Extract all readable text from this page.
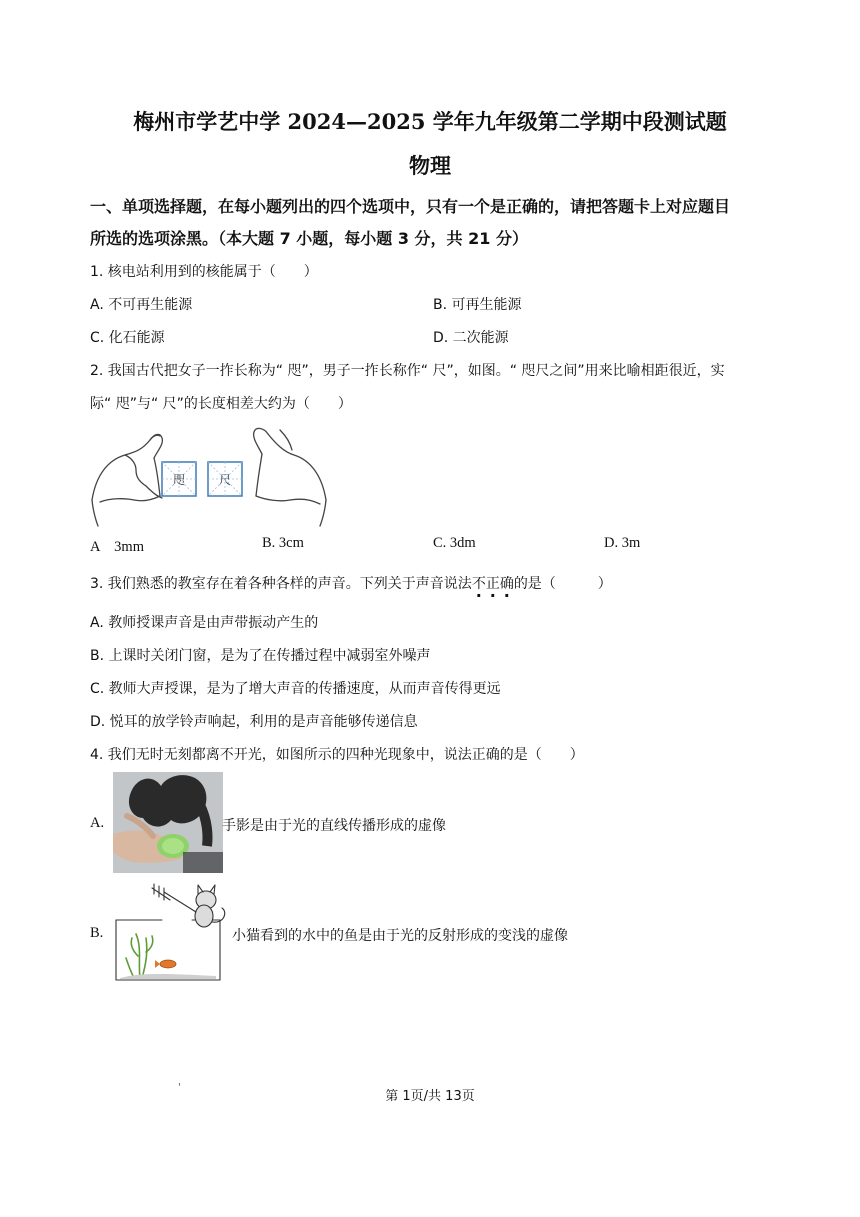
梅州市学艺中学 2024—2025 学年九年级第二学期中段测试题
物理
一、单项选择题，在每小题列出的四个选项中，只有一个是正确的，请把答题卡上对应题目
所选的选项涂黑。（本大题 7 小题，每小题 3 分，共 21 分）
1. 核电站利用到的核能属于（　　）
A. 不可再生能源	B. 可再生能源
C. 化石能源	D. 二次能源
2. 我国古代把女子一拃长称为“ 咫”，男子一拃长称作“ 尺”，如图。“ 咫尺之间”用来比喻相距很近，实
际“ 咫”与“ 尺”的长度相差大约为（　　）
咫	尺
A　3mm	B. 3cm	C. 3dm	D. 3m
3. 我们熟悉的教室存在着各种各样的声音。下列关于声音说法不正确的是（　　　）
A. 教师授课声音是由声带振动产生的
B. 上课时关闭门窗，是为了在传播过程中减弱室外噪声
C. 教师大声授课，是为了增大声音的传播速度，从而声音传得更远
D. 悦耳的放学铃声响起，利用的是声音能够传递信息
4. 我们无时无刻都离不开光，如图所示的四种光现象中，说法正确的是（　　）
A.	手影是由于光的直线传播形成的虚像
B.	小猫看到的水中的鱼是由于光的反射形成的变浅的虚像
'
第 1页/共 13页
